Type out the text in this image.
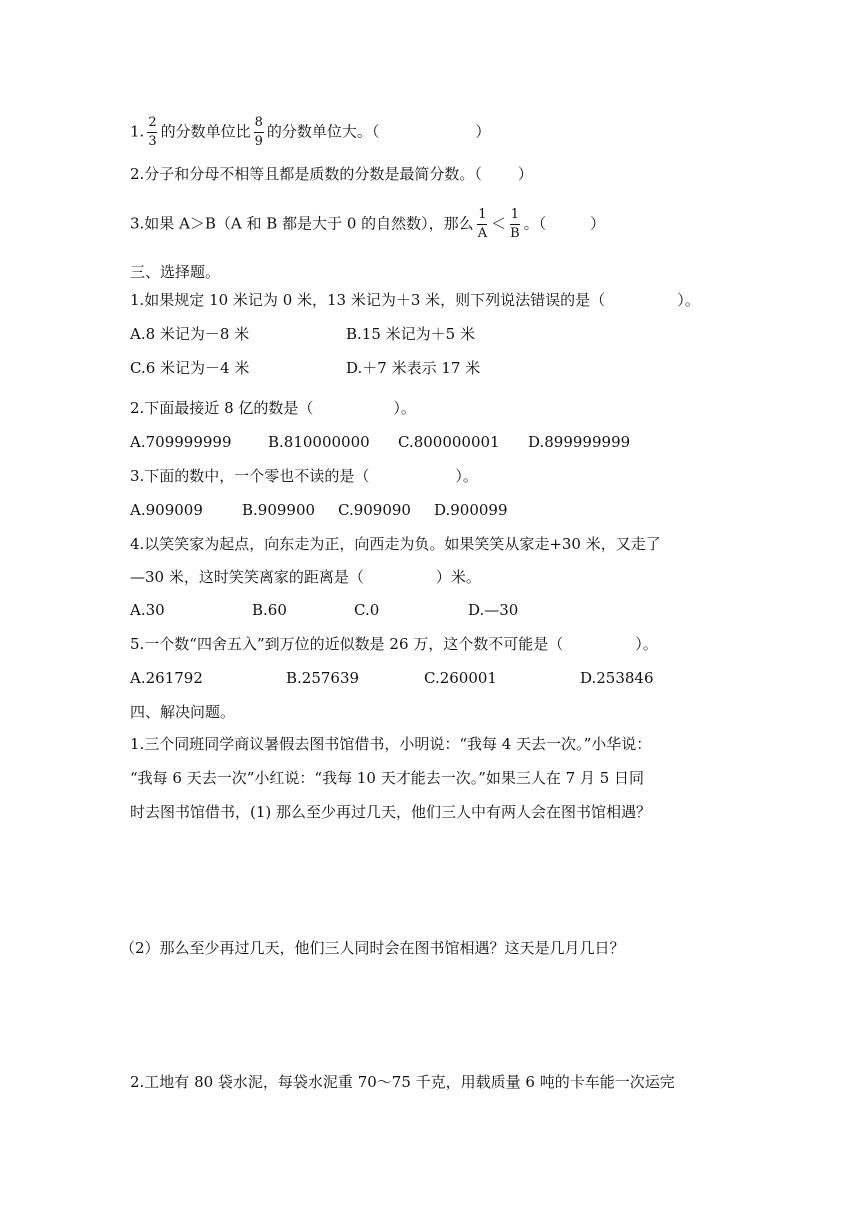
1. $\frac{2}{3}$ 的分数单位比 $\frac{8}{9}$ 的分数单位大。（	）
2.分子和分母不相等且都是质数的分数是最简分数。（ ）
3.如果 A＞B（A 和 B 都是大于 0 的自然数），那么 $\frac{1}{A} < \frac{1}{B}$ 。（	）
三、选择题。
1.如果规定 10 米记为 0 米，13 米记为＋3 米，则下列说法错误的是（	）。
A.8 米记为－8 米	B.15 米记为＋5 米
C.6 米记为－4 米	D.＋7 米表示 17 米
2.下面最接近 8 亿的数是（	）。
A.709999999 B.810000000 C.800000001 D.899999999
3.下面的数中，一个零也不读的是（	）。
A.909009	B.909900 C.909090 D.900099
4.以笑笑家为起点，向东走为正，向西走为负。如果笑笑从家走+30 米，又走了
—30 米，这时笑笑离家的距离是（	）米。
A.30	B.60	C.0	D.—30
5.一个数“四舍五入”到万位的近似数是 26 万，这个数不可能是（	）。
A.261792	B.257639	C.260001	D.253846
四、解决问题。
1.三个同班同学商议暑假去图书馆借书，小明说：“我每 4 天去一次。”小华说：
“我每 6 天去一次”小红说：“我每 10 天才能去一次。”如果三人在 7 月 5 日同
时去图书馆借书，(1) 那么至少再过几天，他们三人中有两人会在图书馆相遇？
（2）那么至少再过几天，他们三人同时会在图书馆相遇？这天是几月几日？
2.工地有 80 袋水泥，每袋水泥重 70～75 千克，用载质量 6 吨的卡车能一次运完
